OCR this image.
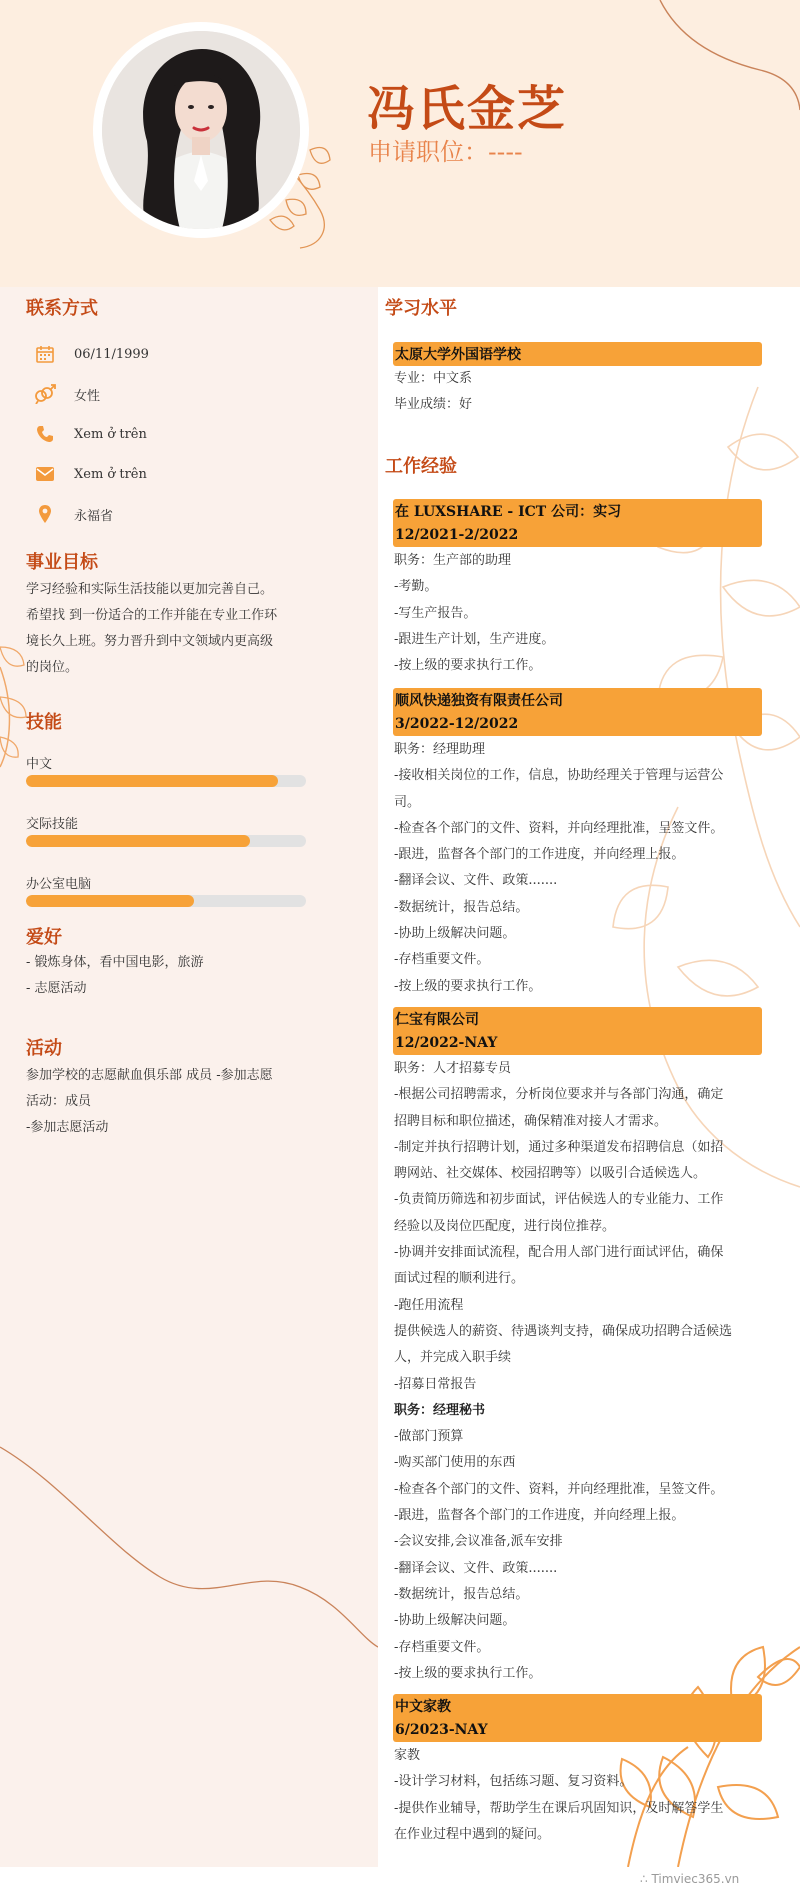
冯氏金芝
申请职位：----
联系方式
06/11/1999
女性
Xem ở trên
Xem ở trên
永福省
事业目标
学习经验和实际生活技能以更加完善自己。
希望找 到一份适合的工作并能在专业工作环
境长久上班。努力晋升到中文领域内更高级
的岗位。
技能
中文
交际技能
办公室电脑
爱好
- 锻炼身体，看中国电影，旅游
- 志愿活动
活动
参加学校的志愿献血俱乐部 成员 -参加志愿
活动：成员
-参加志愿活动
学习水平
太原大学外国语学校
专业：中文系
毕业成绩：好
工作经验
在 LUXSHARE - ICT 公司：实习
12/2021-2/2022
职务：生产部的助理
-考勤。
-写生产报告。
-跟进生产计划，生产进度。
-按上级的要求执行工作。
顺风快递独资有限责任公司
3/2022-12/2022
职务：经理助理
-接收相关岗位的工作，信息，协助经理关于管理与运营公
司。
-检查各个部门的文件、资料，并向经理批准，呈签文件。
-跟进，监督各个部门的工作进度，并向经理上报。
-翻译会议、文件、政策.......
-数据统计，报告总结。
-协助上级解决问题。
-存档重要文件。
-按上级的要求执行工作。
仁宝有限公司
12/2022-NAY
职务：人才招募专员
-根据公司招聘需求，分析岗位要求并与各部门沟通，确定
招聘目标和职位描述，确保精准对接人才需求。
-制定并执行招聘计划，通过多种渠道发布招聘信息（如招
聘网站、社交媒体、校园招聘等）以吸引合适候选人。
-负责简历筛选和初步面试，评估候选人的专业能力、工作
经验以及岗位匹配度，进行岗位推荐。
-协调并安排面试流程，配合用人部门进行面试评估，确保
面试过程的顺利进行。
-跑任用流程
提供候选人的薪资、待遇谈判支持，确保成功招聘合适候选
人，并完成入职手续
-招募日常报告
职务：经理秘书
-做部门预算
-购买部门使用的东西
-检查各个部门的文件、资料，并向经理批准，呈签文件。
-跟进，监督各个部门的工作进度，并向经理上报。
-会议安排,会议准备,派车安排
-翻译会议、文件、政策.......
-数据统计，报告总结。
-协助上级解决问题。
-存档重要文件。
-按上级的要求执行工作。
中文家教
6/2023-NAY
家教
-设计学习材料，包括练习题、复习资料。
-提供作业辅导，帮助学生在课后巩固知识，及时解答学生
在作业过程中遇到的疑问。
∴ Timviec365.vn
